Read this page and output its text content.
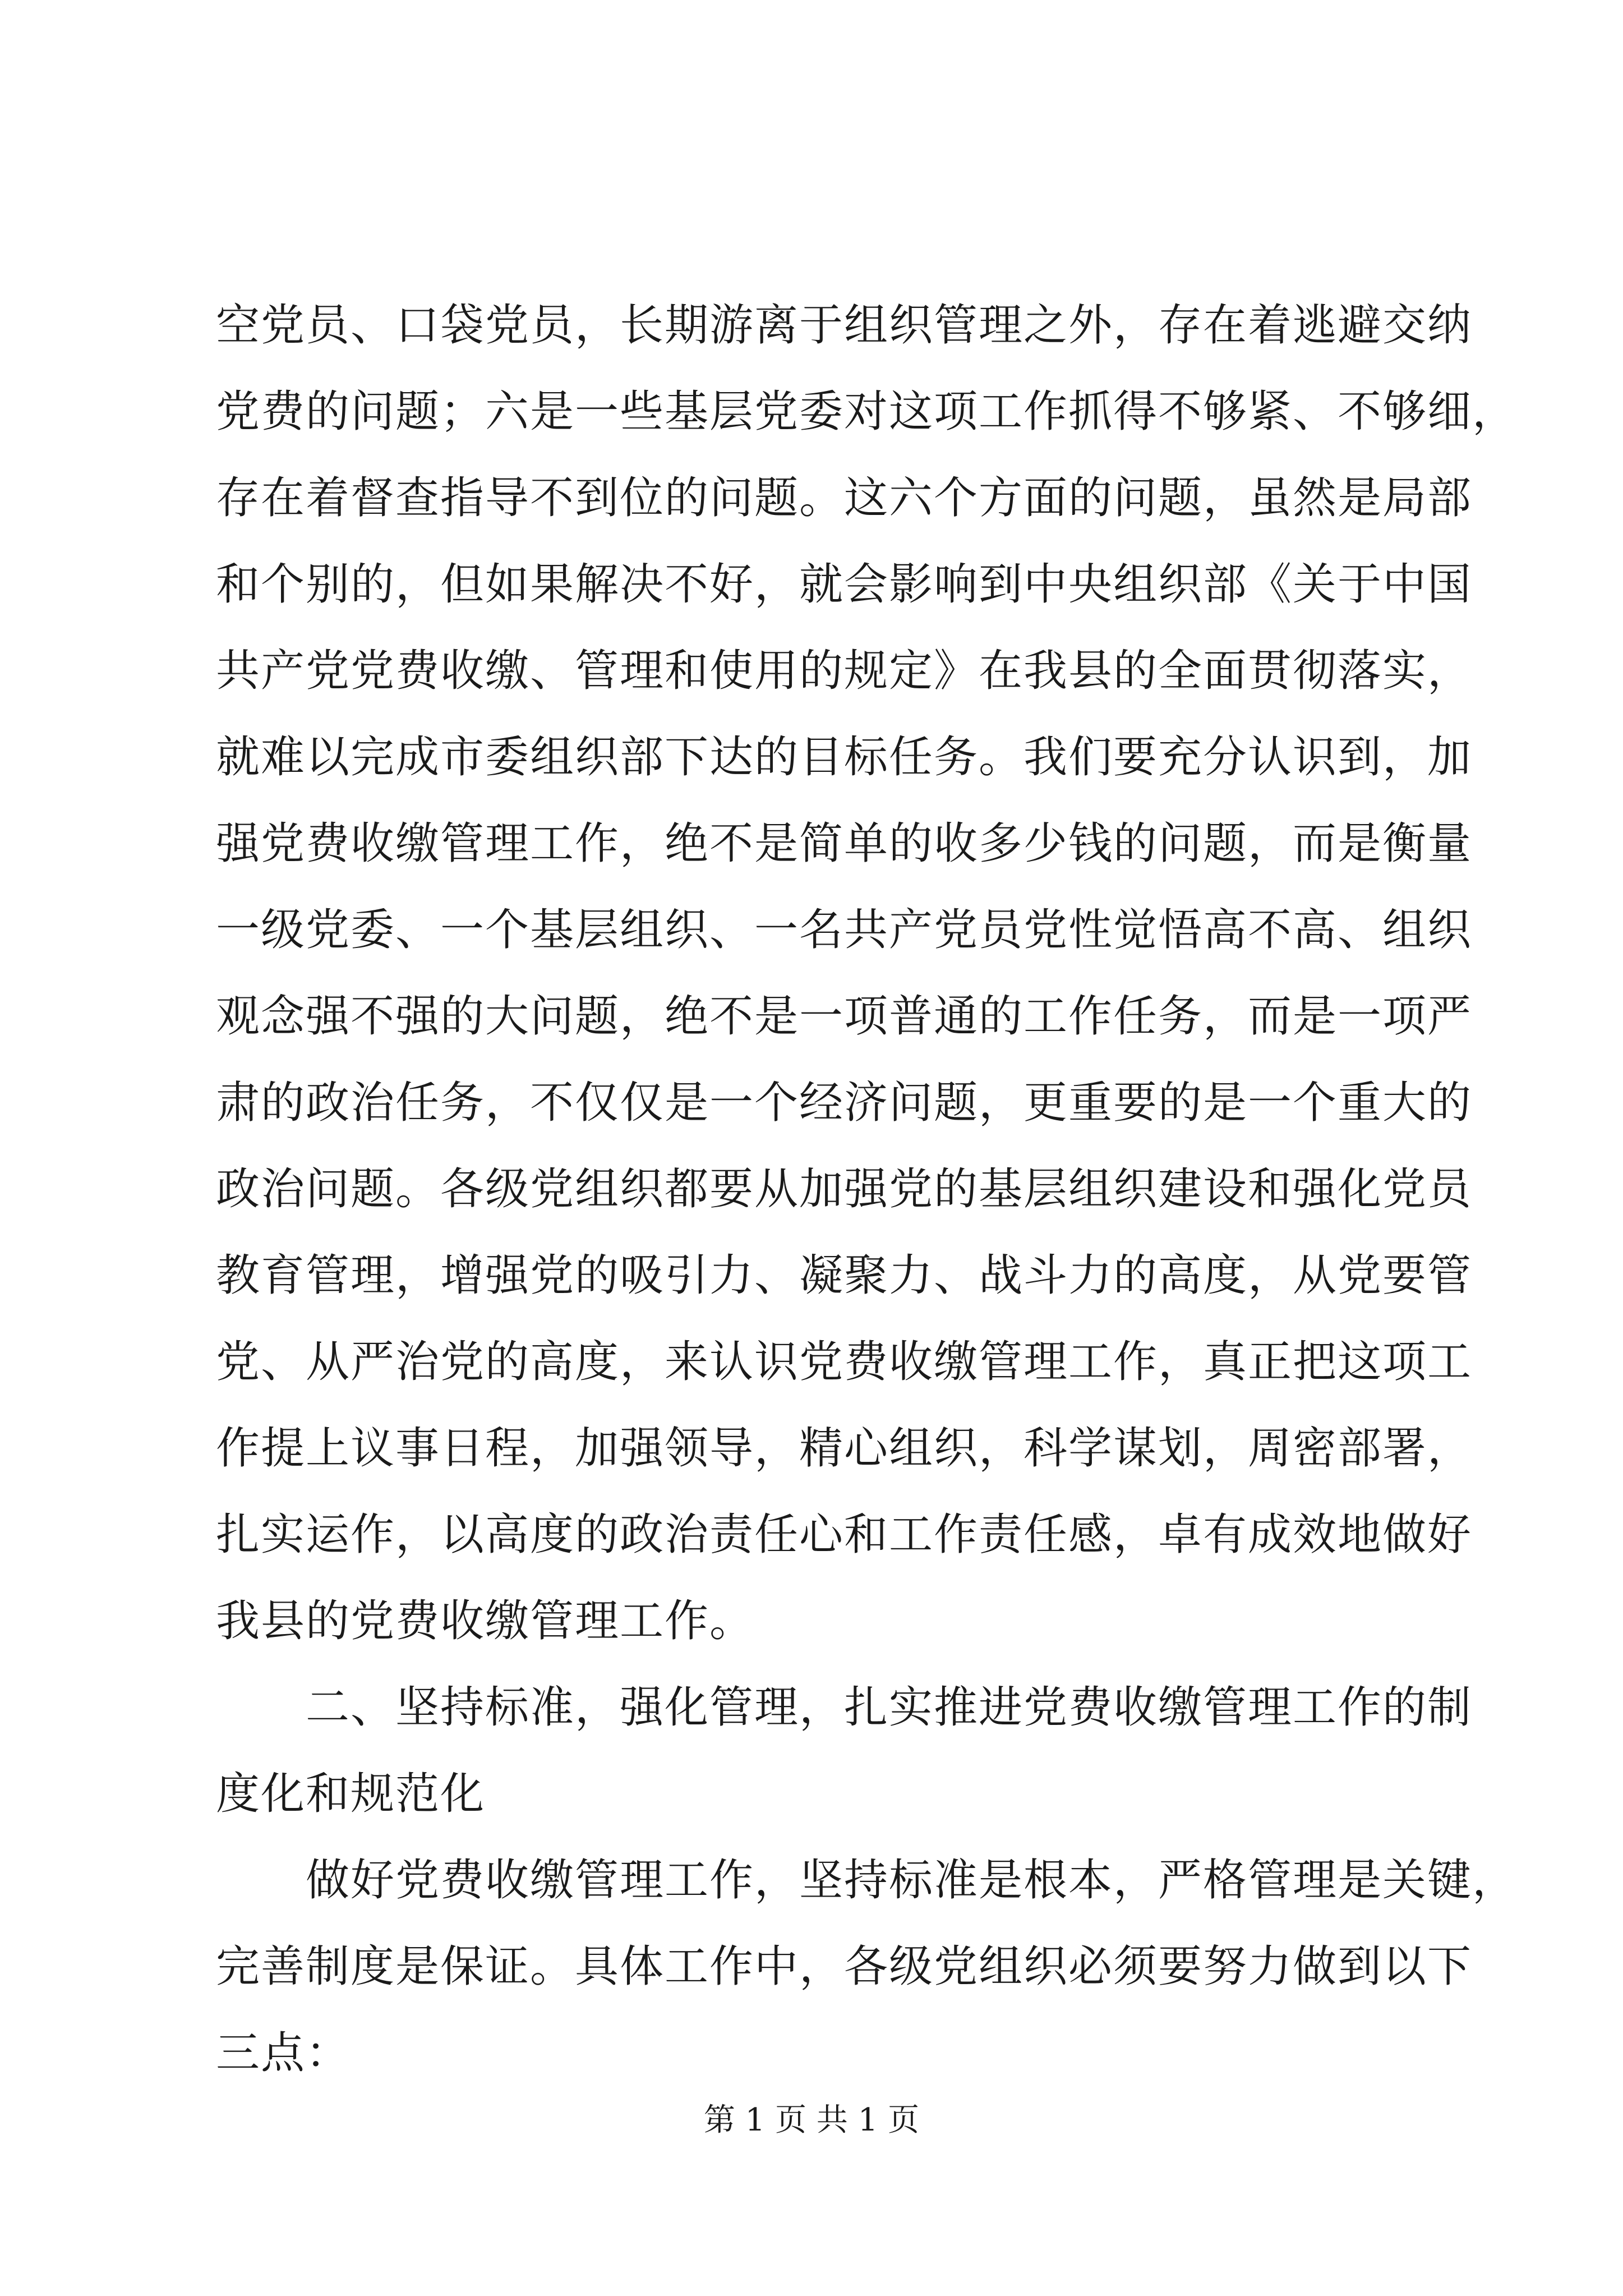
空党员、口袋党员，长期游离于组织管理之外，存在着逃避交纳
党费的问题；六是一些基层党委对这项工作抓得不够紧、不够细，
存在着督查指导不到位的问题。这六个方面的问题，虽然是局部
和个别的，但如果解决不好，就会影响到中央组织部《关于中国
共产党党费收缴、管理和使用的规定》在我县的全面贯彻落实，
就难以完成市委组织部下达的目标任务。我们要充分认识到，加
强党费收缴管理工作，绝不是简单的收多少钱的问题，而是衡量
一级党委、一个基层组织、一名共产党员党性觉悟高不高、组织
观念强不强的大问题，绝不是一项普通的工作任务，而是一项严
肃的政治任务，不仅仅是一个经济问题，更重要的是一个重大的
政治问题。各级党组织都要从加强党的基层组织建设和强化党员
教育管理，增强党的吸引力、凝聚力、战斗力的高度，从党要管
党、从严治党的高度，来认识党费收缴管理工作，真正把这项工
作提上议事日程，加强领导，精心组织，科学谋划，周密部署，
扎实运作，以高度的政治责任心和工作责任感，卓有成效地做好
我县的党费收缴管理工作。
　　二、坚持标准，强化管理，扎实推进党费收缴管理工作的制
度化和规范化
　　做好党费收缴管理工作，坚持标准是根本，严格管理是关键，
完善制度是保证。具体工作中，各级党组织必须要努力做到以下
三点：
第 1 页 共 1 页
